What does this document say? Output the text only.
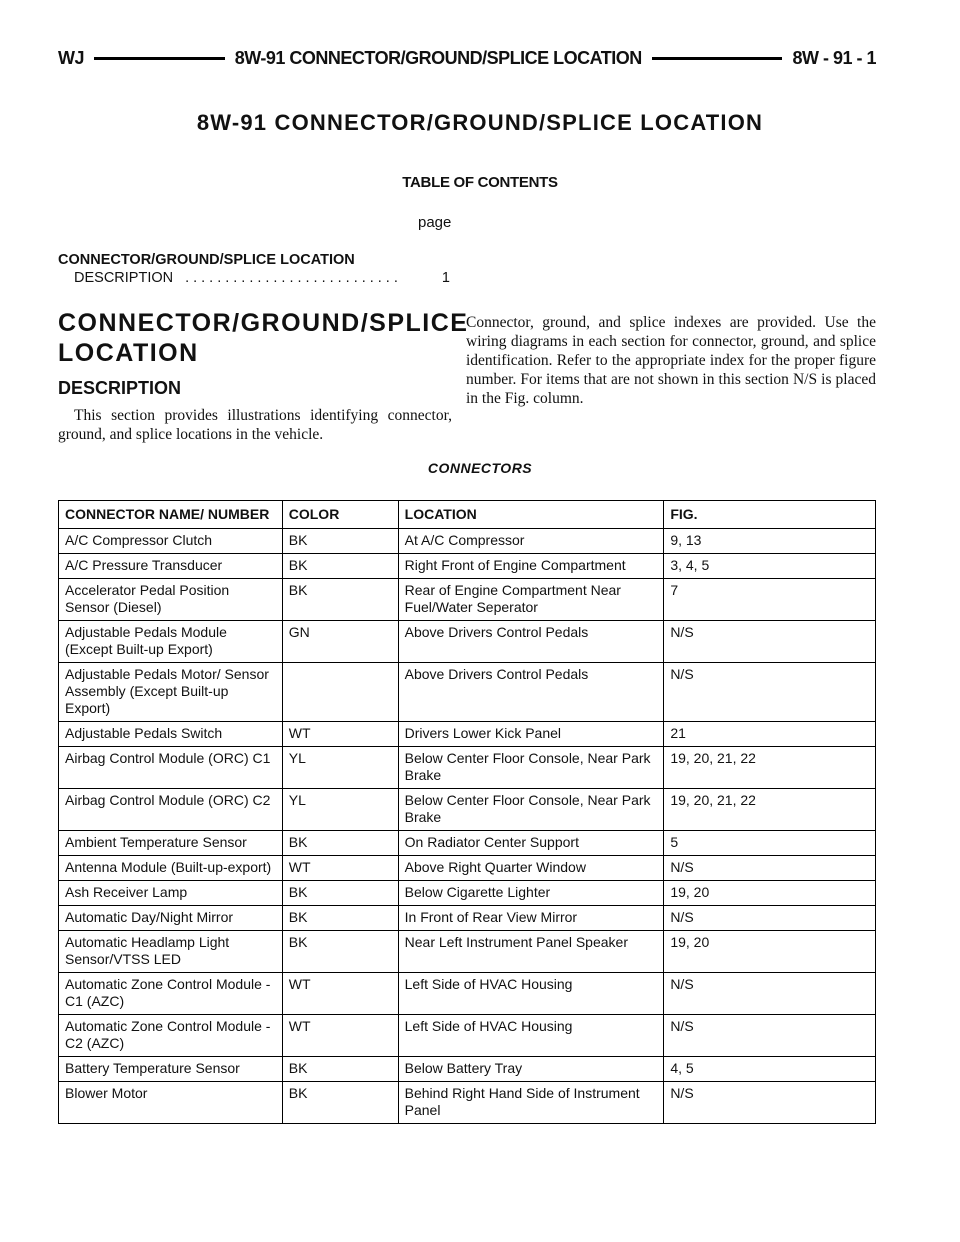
WJ	8W-91 CONNECTOR/GROUND/SPLICE LOCATION	8W - 91 - 1
8W-91 CONNECTOR/GROUND/SPLICE LOCATION
TABLE OF CONTENTS
page
CONNECTOR/GROUND/SPLICE LOCATION
DESCRIPTION ...........................	1
CONNECTOR/GROUND/SPLICE LOCATION
DESCRIPTION
This section provides illustrations identifying connector, ground, and splice locations in the vehicle.
Connector, ground, and splice indexes are provided. Use the wiring diagrams in each section for connector, ground, and splice identification. Refer to the appropriate index for the proper figure number. For items that are not shown in this section N/S is placed in the Fig. column.
CONNECTORS
CONNECTOR NAME/ NUMBER	COLOR	LOCATION	FIG.
A/C Compressor Clutch	BK	At A/C Compressor	9, 13
A/C Pressure Transducer	BK	Right Front of Engine Compartment	3, 4, 5
Accelerator Pedal Position Sensor (Diesel)	BK	Rear of Engine Compartment Near Fuel/Water Seperator	7
Adjustable Pedals Module (Except Built-up Export)	GN	Above Drivers Control Pedals	N/S
Adjustable Pedals Motor/ Sensor Assembly (Except Built-up Export)		Above Drivers Control Pedals	N/S
Adjustable Pedals Switch	WT	Drivers Lower Kick Panel	21
Airbag Control Module (ORC) C1	YL	Below Center Floor Console, Near Park Brake	19, 20, 21, 22
Airbag Control Module (ORC) C2	YL	Below Center Floor Console, Near Park Brake	19, 20, 21, 22
Ambient Temperature Sensor	BK	On Radiator Center Support	5
Antenna Module (Built-up-export)	WT	Above Right Quarter Window	N/S
Ash Receiver Lamp	BK	Below Cigarette Lighter	19, 20
Automatic Day/Night Mirror	BK	In Front of Rear View Mirror	N/S
Automatic Headlamp Light Sensor/VTSS LED	BK	Near Left Instrument Panel Speaker	19, 20
Automatic Zone Control Module - C1 (AZC)	WT	Left Side of HVAC Housing	N/S
Automatic Zone Control Module - C2 (AZC)	WT	Left Side of HVAC Housing	N/S
Battery Temperature Sensor	BK	Below Battery Tray	4, 5
Blower Motor	BK	Behind Right Hand Side of Instrument Panel	N/S
